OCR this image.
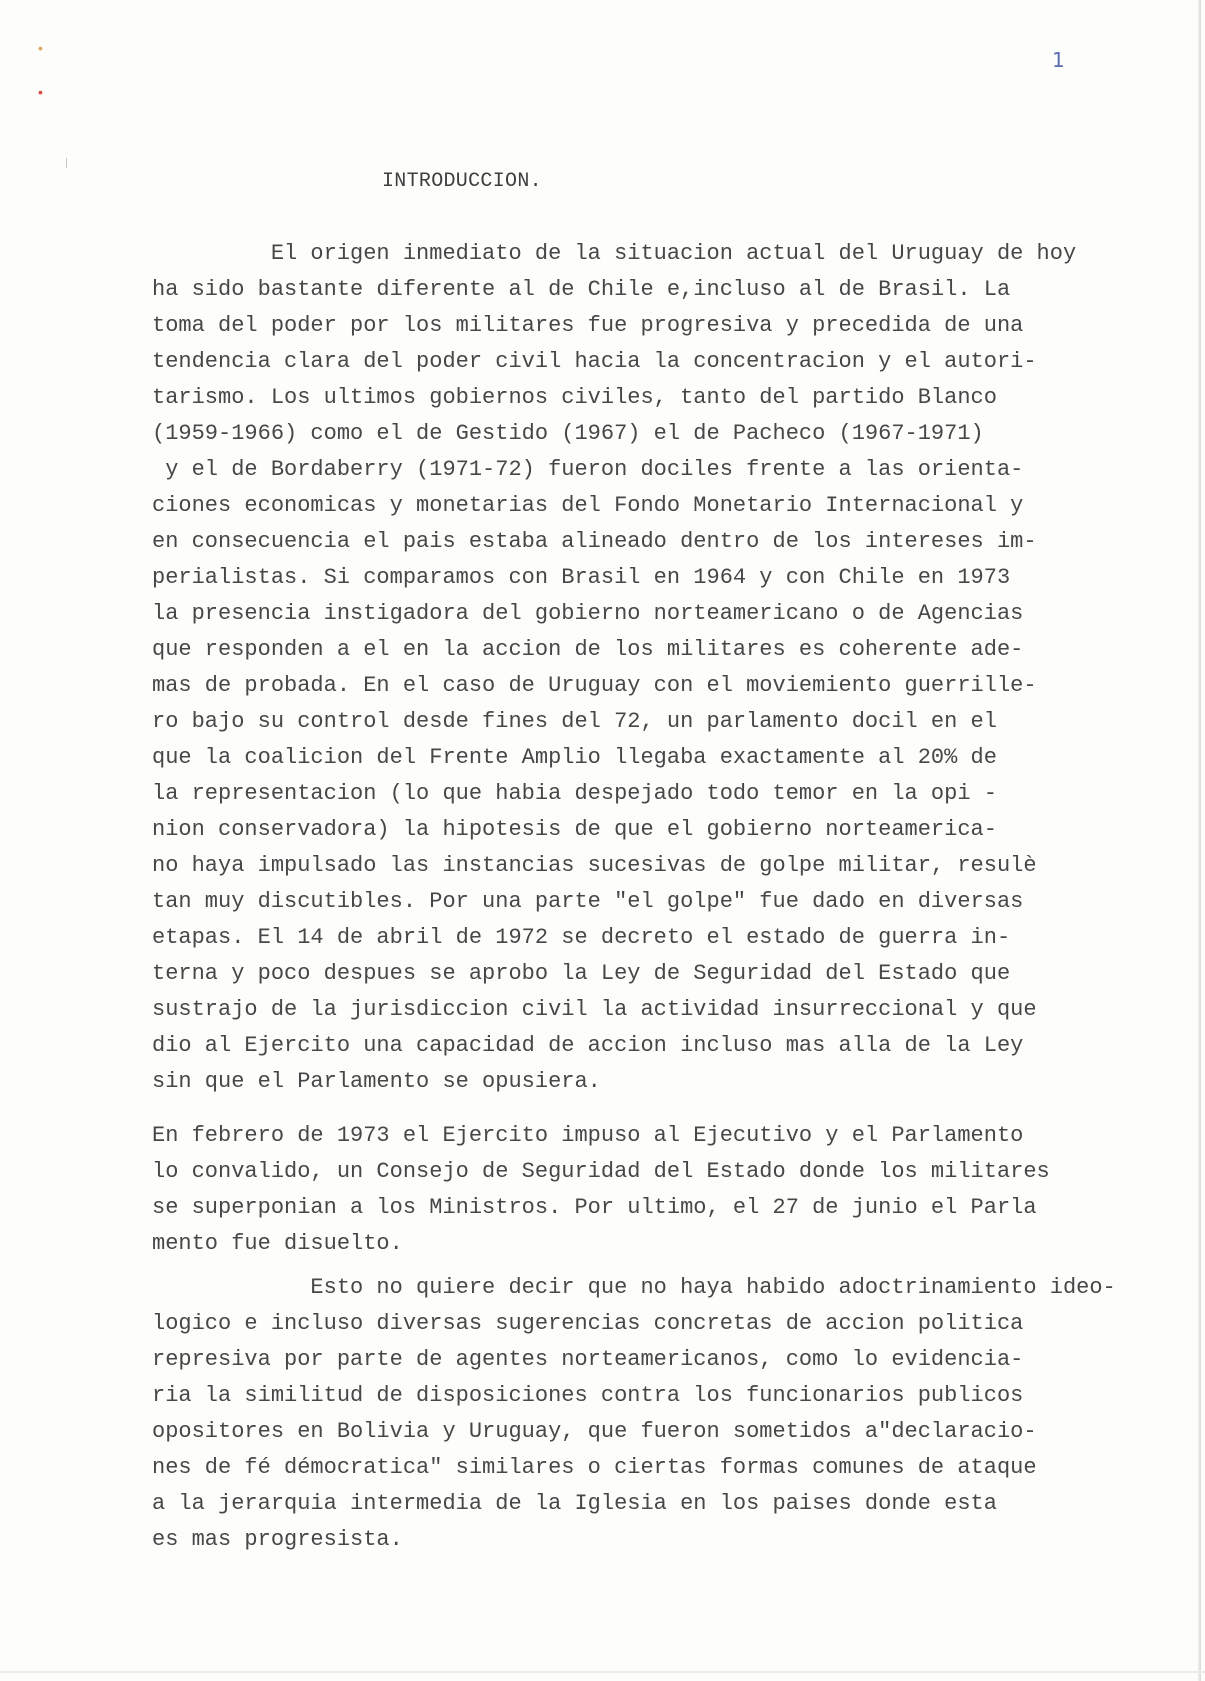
•
•
1
INTRODUCCION.
El origen inmediato de la situacion actual del Uruguay de hoy
ha sido bastante diferente al de Chile e,incluso al de Brasil. La
toma del poder por los militares fue progresiva y precedida de una
tendencia clara del poder civil hacia la concentracion y el autori-
tarismo. Los ultimos gobiernos civiles, tanto del partido Blanco
(1959-1966) como el de Gestido (1967) el de Pacheco (1967-1971)
y el de Bordaberry (1971-72) fueron dociles frente a las orienta-
ciones economicas y monetarias del Fondo Monetario Internacional y
en consecuencia el pais estaba alineado dentro de los intereses im-
perialistas. Si comparamos con Brasil en 1964 y con Chile en 1973
la presencia instigadora del gobierno norteamericano o de Agencias
que responden a el en la accion de los militares es coherente ade-
mas de probada. En el caso de Uruguay con el moviemiento guerrille-
ro bajo su control desde fines del 72, un parlamento docil en el
que la coalicion del Frente Amplio llegaba exactamente al 20% de
la representacion (lo que habia despejado todo temor en la opi -
nion conservadora) la hipotesis de que el gobierno norteamerica-
no haya impulsado las instancias sucesivas de golpe militar, resulè
tan muy discutibles. Por una parte "el golpe" fue dado en diversas
etapas. El 14 de abril de 1972 se decreto el estado de guerra in-
terna y poco despues se aprobo la Ley de Seguridad del Estado que
sustrajo de la jurisdiccion civil la actividad insurreccional y que
dio al Ejercito una capacidad de accion incluso mas alla de la Ley
sin que el Parlamento se opusiera.
En febrero de 1973 el Ejercito impuso al Ejecutivo y el Parlamento
lo convalido, un Consejo de Seguridad del Estado donde los militares
se superponian a los Ministros. Por ultimo, el 27 de junio el Parla
mento fue disuelto.
Esto no quiere decir que no haya habido adoctrinamiento ideo-
logico e incluso diversas sugerencias concretas de accion politica
represiva por parte de agentes norteamericanos, como lo evidencia-
ria la similitud de disposiciones contra los funcionarios publicos
opositores en Bolivia y Uruguay, que fueron sometidos a"declaracio-
nes de fé démocratica" similares o ciertas formas comunes de ataque
a la jerarquia intermedia de la Iglesia en los paises donde esta
es mas progresista.
